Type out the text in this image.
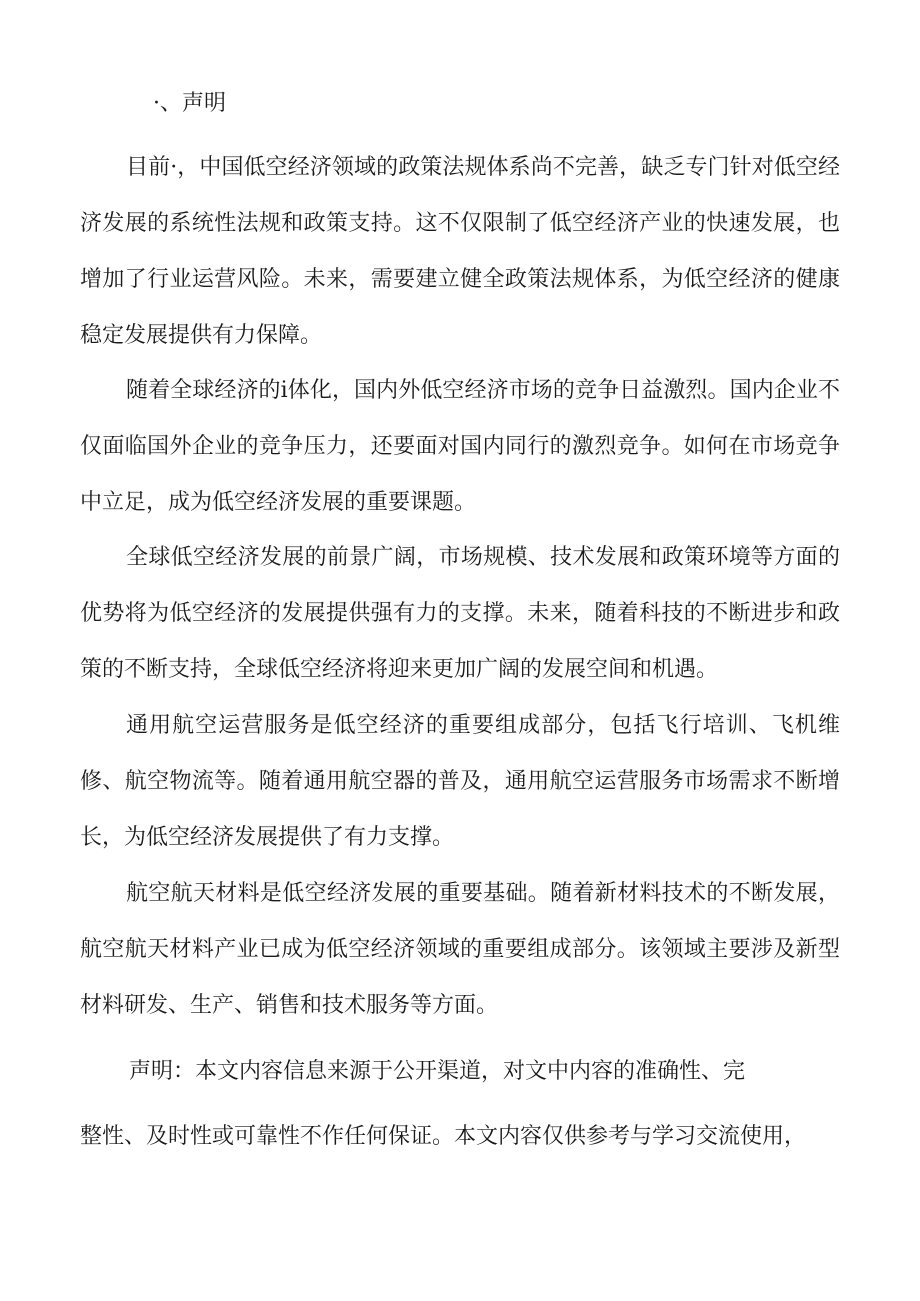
·、声明

目前·，中国低空经济领域的政策法规体系尚不完善，缺乏专门针对低空经济发展的系统性法规和政策支持。这不仅限制了低空经济产业的快速发展，也增加了行业运营风险。未来，需要建立健全政策法规体系，为低空经济的健康稳定发展提供有力保障。

随着全球经济的i体化，国内外低空经济市场的竞争日益激烈。国内企业不仅面临国外企业的竞争压力，还要面对国内同行的激烈竞争。如何在市场竞争中立足，成为低空经济发展的重要课题。

全球低空经济发展的前景广阔，市场规模、技术发展和政策环境等方面的优势将为低空经济的发展提供强有力的支撑。未来，随着科技的不断进步和政策的不断支持，全球低空经济将迎来更加广阔的发展空间和机遇。

通用航空运营服务是低空经济的重要组成部分，包括飞行培训、飞机维修、航空物流等。随着通用航空器的普及，通用航空运营服务市场需求不断增长，为低空经济发展提供了有力支撑。

航空航天材料是低空经济发展的重要基础。随着新材料技术的不断发展，航空航天材料产业已成为低空经济领域的重要组成部分。该领域主要涉及新型材料研发、生产、销售和技术服务等方面。

声明：本文内容信息来源于公开渠道，对文中内容的准确性、完
整性、及时性或可靠性不作任何保证。本文内容仅供参考与学习交流使用，
